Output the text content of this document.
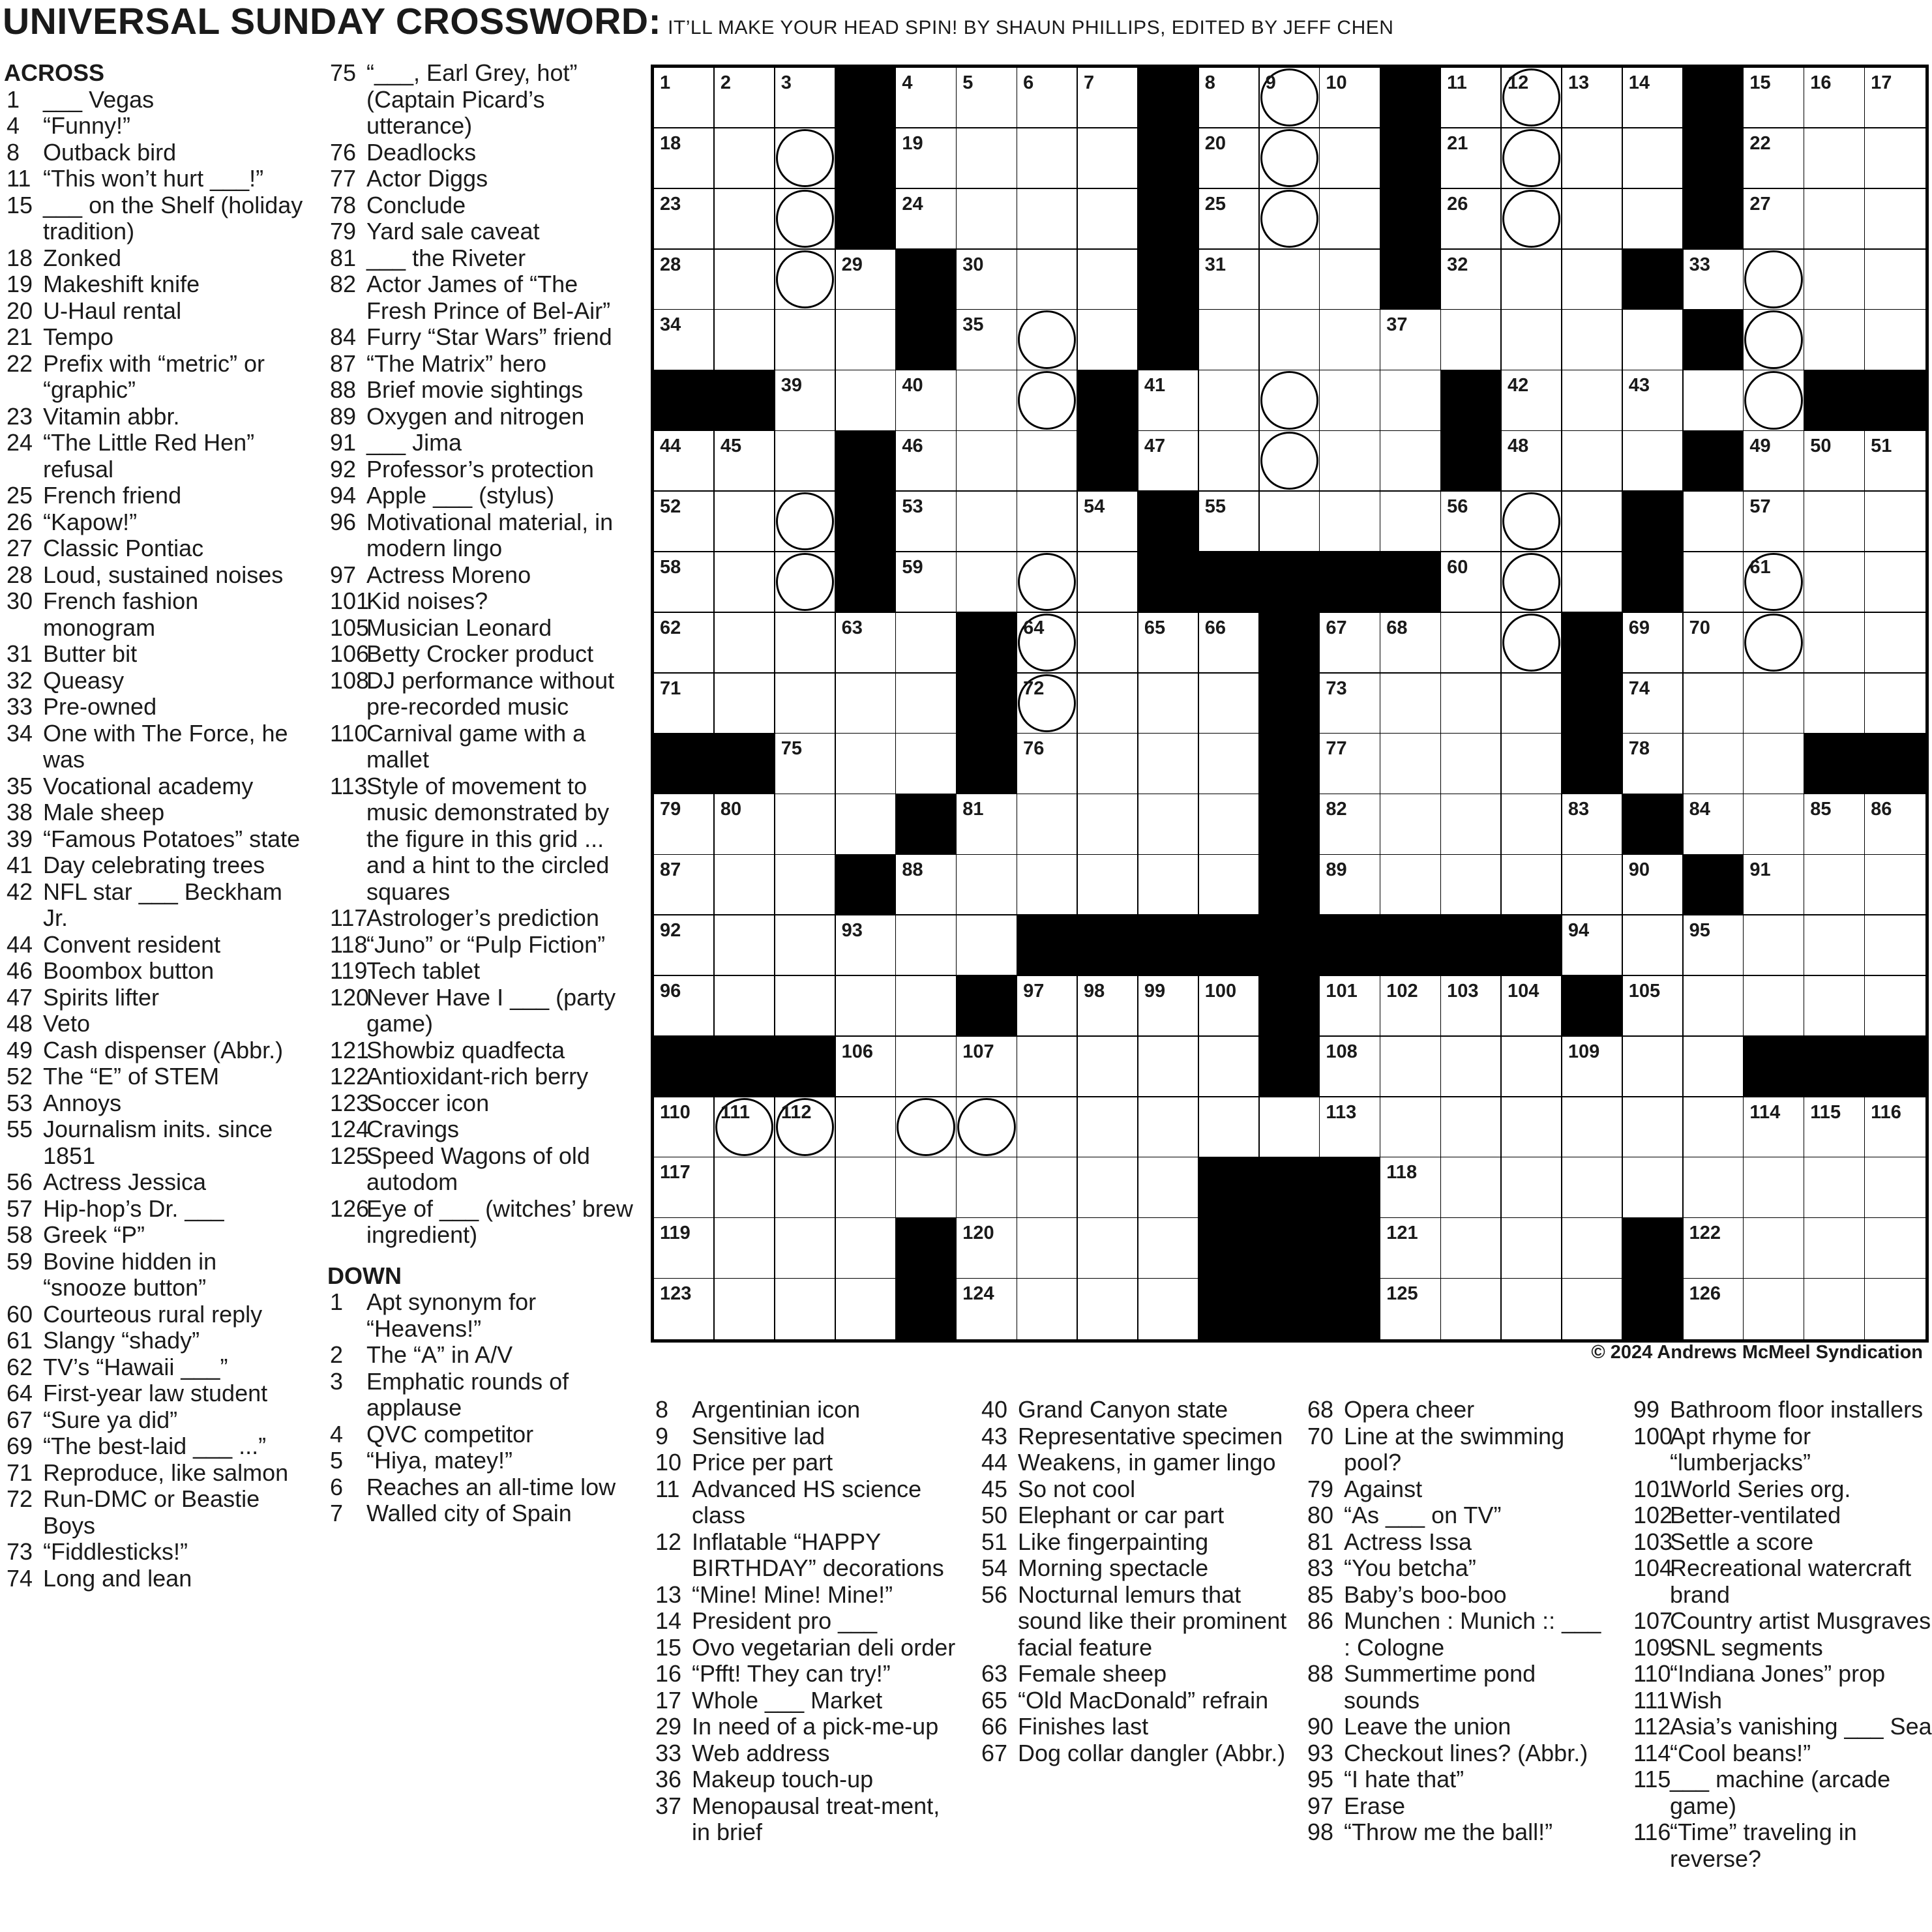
UNIVERSAL SUNDAY CROSSWORD: IT’LL MAKE YOUR HEAD SPIN! BY SHAUN PHILLIPS, EDITED BY JEFF CHEN
ACROSS
1 ___ Vegas
4 “Funny!”
8 Outback bird
11 “This won’t hurt ___!”
15 ___ on the Shelf (holiday tradition)
18 Zonked
19 Makeshift knife
20 U-Haul rental
21 Tempo
22 Prefix with “metric” or “graphic”
23 Vitamin abbr.
24 “The Little Red Hen” refusal
25 French friend
26 “Kapow!”
27 Classic Pontiac
28 Loud, sustained noises
30 French fashion monogram
31 Butter bit
32 Queasy
33 Pre-owned
34 One with The Force, he was
35 Vocational academy
38 Male sheep
39 “Famous Potatoes” state
41 Day celebrating trees
42 NFL star ___ Beckham Jr.
44 Convent resident
46 Boombox button
47 Spirits lifter
48 Veto
49 Cash dispenser (Abbr.)
52 The “E” of STEM
53 Annoys
55 Journalism inits. since 1851
56 Actress Jessica
57 Hip-hop’s Dr. ___
58 Greek “P”
59 Bovine hidden in “snooze button”
60 Courteous rural reply
61 Slangy “shady”
62 TV’s “Hawaii ___”
64 First-year law student
67 “Sure ya did”
69 “The best-laid ___ ...”
71 Reproduce, like salmon
72 Run-DMC or Beastie Boys
73 “Fiddlesticks!”
74 Long and lean
75 “___, Earl Grey, hot” (Captain Picard’s utterance)
76 Deadlocks
77 Actor Diggs
78 Conclude
79 Yard sale caveat
81 ___ the Riveter
82 Actor James of “The Fresh Prince of Bel-Air”
84 Furry “Star Wars” friend
87 “The Matrix” hero
88 Brief movie sightings
89 Oxygen and nitrogen
91 ___ Jima
92 Professor’s protection
94 Apple ___ (stylus)
96 Motivational material, in modern lingo
97 Actress Moreno
101
Kid noises?
105
Musician Leonard
106
Betty Crocker product
108
DJ performance without pre-recorded music
110
Carnival game with a mallet
113
Style of movement to music demonstrated by the figure in this grid ... and a hint to the circled squares
117
Astrologer’s prediction
118
“Juno” or “Pulp Fiction”
119
Tech tablet
120
Never Have I ___ (party game)
121
Showbiz quadfecta
122
Antioxidant-rich berry
123
Soccer icon
124
Cravings
125
Speed Wagons of old autodom
126
Eye of ___ (witches’ brew ingredient)
DOWN
1 Apt synonym for “Heavens!”
2 The “A” in A/V
3 Emphatic rounds of applause
4 QVC competitor
5 “Hiya, matey!”
6 Reaches an all-time low
7 Walled city of Spain
8 Argentinian icon
9 Sensitive lad
10 Price per part
11 Advanced HS science class
12 Inflatable “HAPPY BIRTHDAY” decorations
13 “Mine! Mine! Mine!”
14 President pro ___
15 Ovo vegetarian deli order
16 “Pfft! They can try!”
17 Whole ___ Market
29 In need of a pick-me-up
33 Web address
36 Makeup touch-up
37 Menopausal treat-ment, in brief
40 Grand Canyon state
43 Representative specimen
44 Weakens, in gamer lingo
45 So not cool
50 Elephant or car part
51 Like fingerpainting
54 Morning spectacle
56 Nocturnal lemurs that sound like their prominent facial feature
63 Female sheep
65 “Old MacDonald” refrain
66 Finishes last
67 Dog collar dangler (Abbr.)
68 Opera cheer
70 Line at the swimming pool?
79 Against
80 “As ___ on TV”
81 Actress Issa
83 “You betcha”
85 Baby’s boo-boo
86 Munchen : Munich :: ___ : Cologne
88 Summertime pond sounds
90 Leave the union
93 Checkout lines? (Abbr.)
95 “I hate that”
97 Erase
98 “Throw me the ball!”
99 Bathroom floor installers
100
Apt rhyme for “lumberjacks”
101
World Series org.
102
Better-ventilated
103
Settle a score
104
Recreational watercraft brand
107
Country artist Musgraves
109
SNL segments
110
“Indiana Jones” prop
111 Wish
112
Asia’s vanishing ___ Sea
114
“Cool beans!”
115
___ machine (arcade game)
116
“Time” traveling in reverse?
1	2	3	4	5	6	7	8	9	10	11 12 13 14	15 16 17
18	19	20	21	22
23	24	25	26	27
28	29	30	31	32	33
34	35	37
39	40	41	42	43
44 45	46	47	48	49 50 51
52	53	54	55	56	57
58	59	60	61
62	63	64	65 66	67 68	69 70
71	72	73	74
75	76	77	78
79 80	81	82	83	84	85 86
87	88	89	90	91
92	93	94	95
96	97 98 99 100	101 102 103 104	105
106	107	108	109
110 111 112	113	114 115 116
117	118
119	120	121	122
123	124	125	126
© 2024 Andrews McMeel Syndication
